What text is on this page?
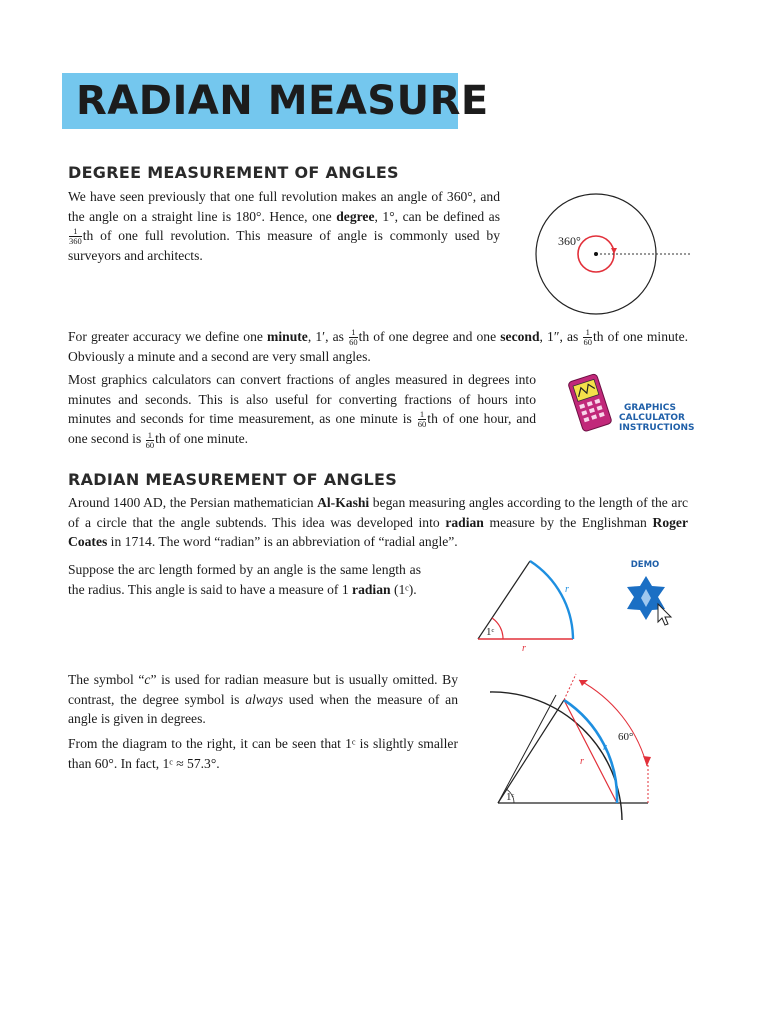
RADIAN MEASURE
DEGREE MEASUREMENT OF ANGLES

We have seen previously that one full revolution makes an angle of 360°, and the angle on a straight line is 180°. Hence, one degree, 1°, can be defined as
$\frac{1}{360}$ th of one full revolution. This measure of angle is commonly used by surveyors and architects.

360°

For greater accuracy we define one minute, 1′, as $\frac{1}{60}$ th of one degree and one second, 1″, as $\frac{1}{60}$ th of one minute. Obviously a minute and a second are very small angles.

Most graphics calculators can convert fractions of angles measured in degrees into minutes and seconds. This is also useful for converting fractions of hours into minutes and seconds for time measurement, as one minute is $\frac{1}{60}$ th of one hour, and one second is $\frac{1}{60}$ th of one minute.

GRAPHICS
CALCULATOR
INSTRUCTIONS
RADIAN MEASUREMENT OF ANGLES

Around 1400 AD, the Persian mathematician Al-Kashi began measuring angles according to the length of the arc of a circle that the angle subtends. This idea was developed into radian measure by the Englishman Roger Coates in 1714. The word “radian” is an abbreviation of “radial angle”.

Suppose the arc length formed by an angle is the same length as the radius. This angle is said to have a measure of 1 radian (1ᶜ).

1ᶜ
r
r
DEMO

The symbol “c” is used for radian measure but is usually omitted. By contrast, the degree symbol is always used when the measure of an angle is given in degrees.

From the diagram to the right, it can be seen that 1ᶜ is slightly smaller than 60°. In fact, 1ᶜ ≈ 57.3°.

1ᶜ
60°
r
r
